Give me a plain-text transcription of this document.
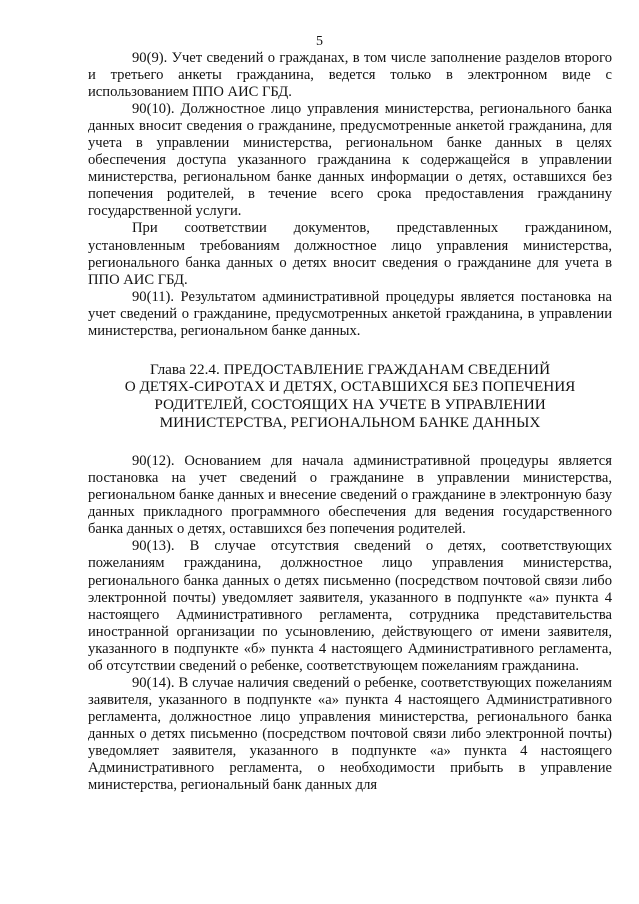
5

90(9). Учет сведений о гражданах, в том числе заполнение разделов второго и третьего анкеты гражданина, ведется только в электронном виде с использованием ППО АИС ГБД.

90(10). Должностное лицо управления министерства, регионального банка данных вносит сведения о гражданине, предусмотренные анкетой гражданина, для учета в управлении министерства, региональном банке данных в целях обеспечения доступа указанного гражданина к содержащейся в управлении министерства, региональном банке данных информации о детях, оставшихся без попечения родителей, в течение всего срока предоставления гражданину государственной услуги.

При соответствии документов, представленных гражданином, установленным требованиям должностное лицо управления министерства, регионального банка данных о детях вносит сведения о гражданине для учета в ППО АИС ГБД.

90(11). Результатом административной процедуры является постановка на учет сведений о гражданине, предусмотренных анкетой гражданина, в управлении министерства, региональном банке данных.

Глава 22.4. ПРЕДОСТАВЛЕНИЕ ГРАЖДАНАМ СВЕДЕНИЙ
О ДЕТЯХ-СИРОТАХ И ДЕТЯХ, ОСТАВШИХСЯ БЕЗ ПОПЕЧЕНИЯ
РОДИТЕЛЕЙ, СОСТОЯЩИХ НА УЧЕТЕ В УПРАВЛЕНИИ
МИНИСТЕРСТВА, РЕГИОНАЛЬНОМ БАНКЕ ДАННЫХ

90(12). Основанием для начала административной процедуры является постановка на учет сведений о гражданине в управлении министерства, региональном банке данных и внесение сведений о гражданине в электронную базу данных прикладного программного обеспечения для ведения государственного банка данных о детях, оставшихся без попечения родителей.

90(13). В случае отсутствия сведений о детях, соответствующих пожеланиям гражданина, должностное лицо управления министерства, регионального банка данных о детях письменно (посредством почтовой связи либо электронной почты) уведомляет заявителя, указанного в подпункте «а» пункта 4 настоящего Административного регламента, сотрудника представительства иностранной организации по усыновлению, действующего от имени заявителя, указанного в подпункте «б» пункта 4 настоящего Административного регламента, об отсутствии сведений о ребенке, соответствующем пожеланиям гражданина.

90(14). В случае наличия сведений о ребенке, соответствующих пожеланиям заявителя, указанного в подпункте «а» пункта 4 настоящего Административного регламента, должностное лицо управления министерства, регионального банка данных о детях письменно (посредством почтовой связи либо электронной почты) уведомляет заявителя, указанного в подпункте «а» пункта 4 настоящего Административного регламента, о необходимости прибыть в управление министерства, региональный банк данных для
